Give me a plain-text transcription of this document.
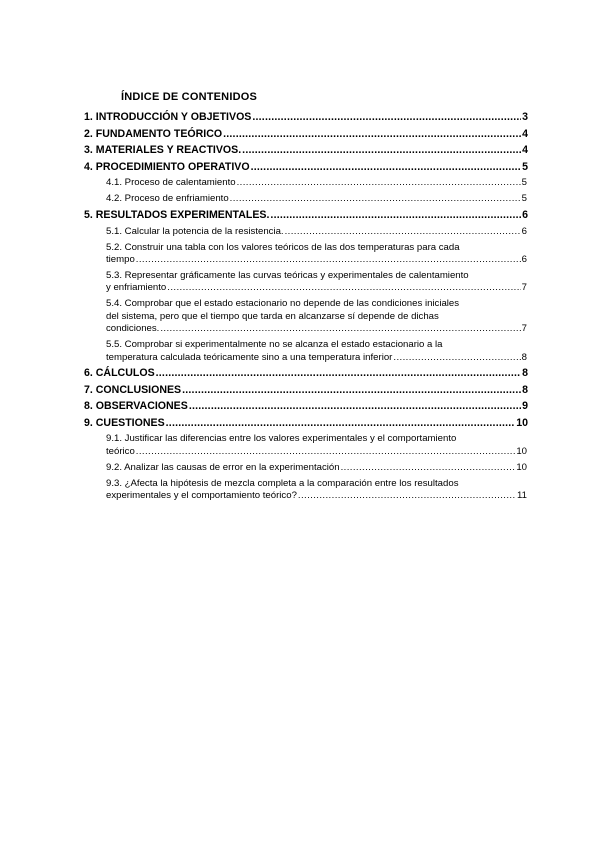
ÍNDICE DE CONTENIDOS
1. INTRODUCCIÓN Y OBJETIVOS .....	3
2. FUNDAMENTO TEÓRICO .....	4
3. MATERIALES Y REACTIVOS. .....	4
4. PROCEDIMIENTO OPERATIVO .....	5
4.1. Proceso de calentamiento .....	5
4.2. Proceso de enfriamiento .....	5
5. RESULTADOS EXPERIMENTALES. .....	6
5.1. Calcular la potencia de la resistencia. .....	6
5.2. Construir una tabla con los valores teóricos de las dos temperaturas para cada
tiempo .....	6
5.3. Representar gráficamente las curvas teóricas y experimentales de calentamiento
y enfriamiento .....	7
5.4. Comprobar que el estado estacionario no depende de las condiciones iniciales
del sistema, pero que el tiempo que tarda en alcanzarse sí depende de dichas
condiciones. .....	7
5.5. Comprobar si experimentalmente no se alcanza el estado estacionario a la
temperatura calculada teóricamente sino a una temperatura inferior .....	8
6. CÁLCULOS .....	8
7. CONCLUSIONES .....	8
8. OBSERVACIONES .....	9
9. CUESTIONES .....	10
9.1. Justificar las diferencias entre los valores experimentales y el comportamiento
teórico .....	10
9.2. Analizar las causas de error en la experimentación .....	10
9.3. ¿Afecta la hipótesis de mezcla completa a la comparación entre los resultados
experimentales y el comportamiento teórico? .....	11
